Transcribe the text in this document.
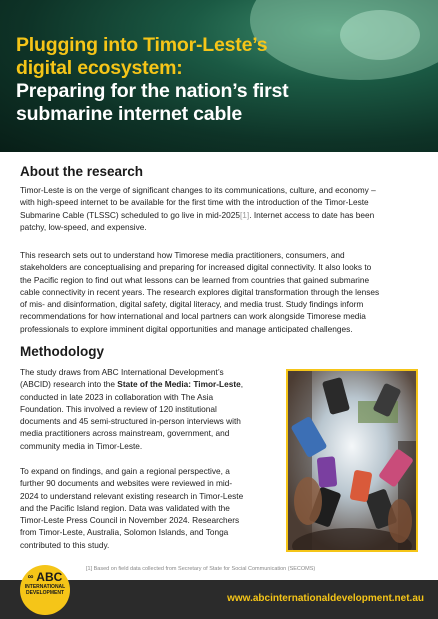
Plugging into Timor-Leste’s
digital ecosystem:
Preparing for the nation’s first
submarine internet cable
About the research

Timor-Leste is on the verge of significant changes to its communications, culture, and economy –
with high-speed internet to be available for the first time with the introduction of the Timor-Leste
Submarine Cable (TLSSC) scheduled to go live in mid-2025[1]. Internet access to date has been
patchy, low-speed, and expensive.

This research sets out to understand how Timorese media practitioners, consumers, and
stakeholders are conceptualising and preparing for increased digital connectivity. It also looks to
the Pacific region to find out what lessons can be learned from countries that gained submarine
cable connectivity in recent years. The research explores digital transformation through the lenses
of mis- and disinformation, digital safety, digital literacy, and media trust. Study findings inform
recommendations for how international and local partners can work alongside Timorese media
professionals to explore imminent digital opportunities and manage anticipated challenges.

Methodology

The study draws from ABC International Development’s
(ABCID) research into the State of the Media: Timor-Leste,
conducted in late 2023 in collaboration with The Asia
Foundation. This involved a review of 120 institutional
documents and 45 semi-structured in-person interviews with
media practitioners across mainstream, government, and
community media in Timor-Leste.

To expand on findings, and gain a regional perspective, a
further 90 documents and websites were reviewed in mid-
2024 to understand relevant existing research in Timor-Leste
and the Pacific Island region. Data was validated with the
Timor-Leste Press Council in November 2024. Researchers
from Timor-Leste, Australia, Solomon Islands, and Tonga
contributed to this study.

∞ ABC
INTERNATIONAL
DEVELOPMENT

[1] Based on field data collected from Secretary of State for Social Communication (SECOMS)

www.abcinternationaldevelopment.net.au
